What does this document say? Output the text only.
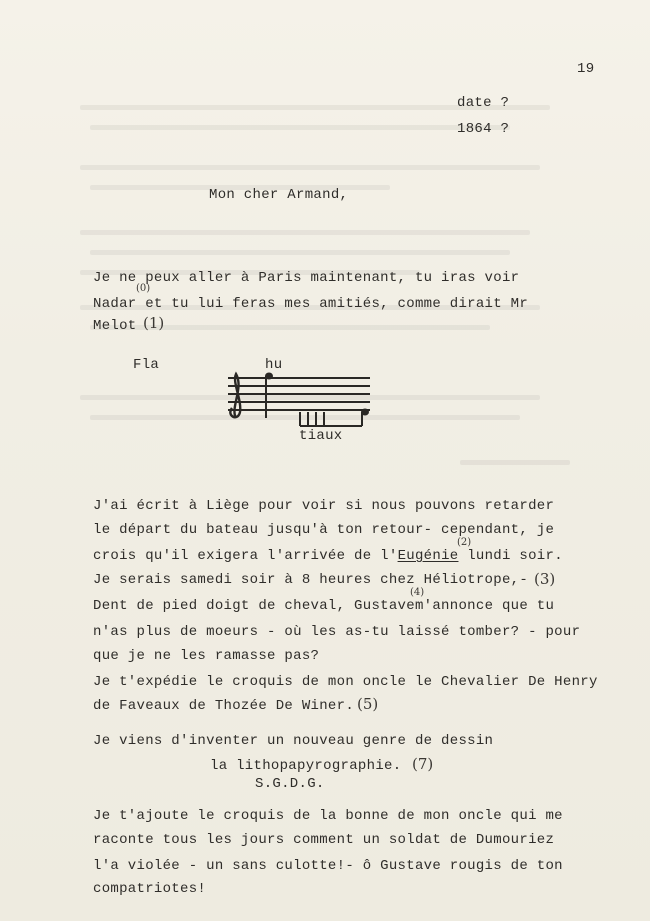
19

date ?

1864 ?

Mon cher Armand,

Je ne peux aller à Paris maintenant, tu iras voir

Nadar et tu lui feras mes amitiés, comme dirait Mr

Melot

(0)
(1)
Fla	hu
tiaux

J'ai écrit à Liège pour voir si nous pouvons retarder

le départ du bateau jusqu'à ton retour- cependant, je

crois qu'il exigera l'arrivée de l'Eugénie lundi soir.

(2)

Je serais samedi soir à 8 heures chez Héliotrope,- (3)

Dent de pied doigt de cheval, Gustavem'annonce que tu

(4)

n'as plus de moeurs - où les as-tu laissé tomber? - pour

que je ne les ramasse pas?

Je t'expédie le croquis de mon oncle le Chevalier De Henry

de Faveaux de Thozée De Winer. (5)

Je viens d'inventer un nouveau genre de dessin

la lithopapyrographie. (7)

S.G.D.G.

Je t'ajoute le croquis de la bonne de mon oncle qui me

raconte tous les jours comment un soldat de Dumouriez

l'a violée - un sans culotte!- ô Gustave rougis de ton

compatriotes!
